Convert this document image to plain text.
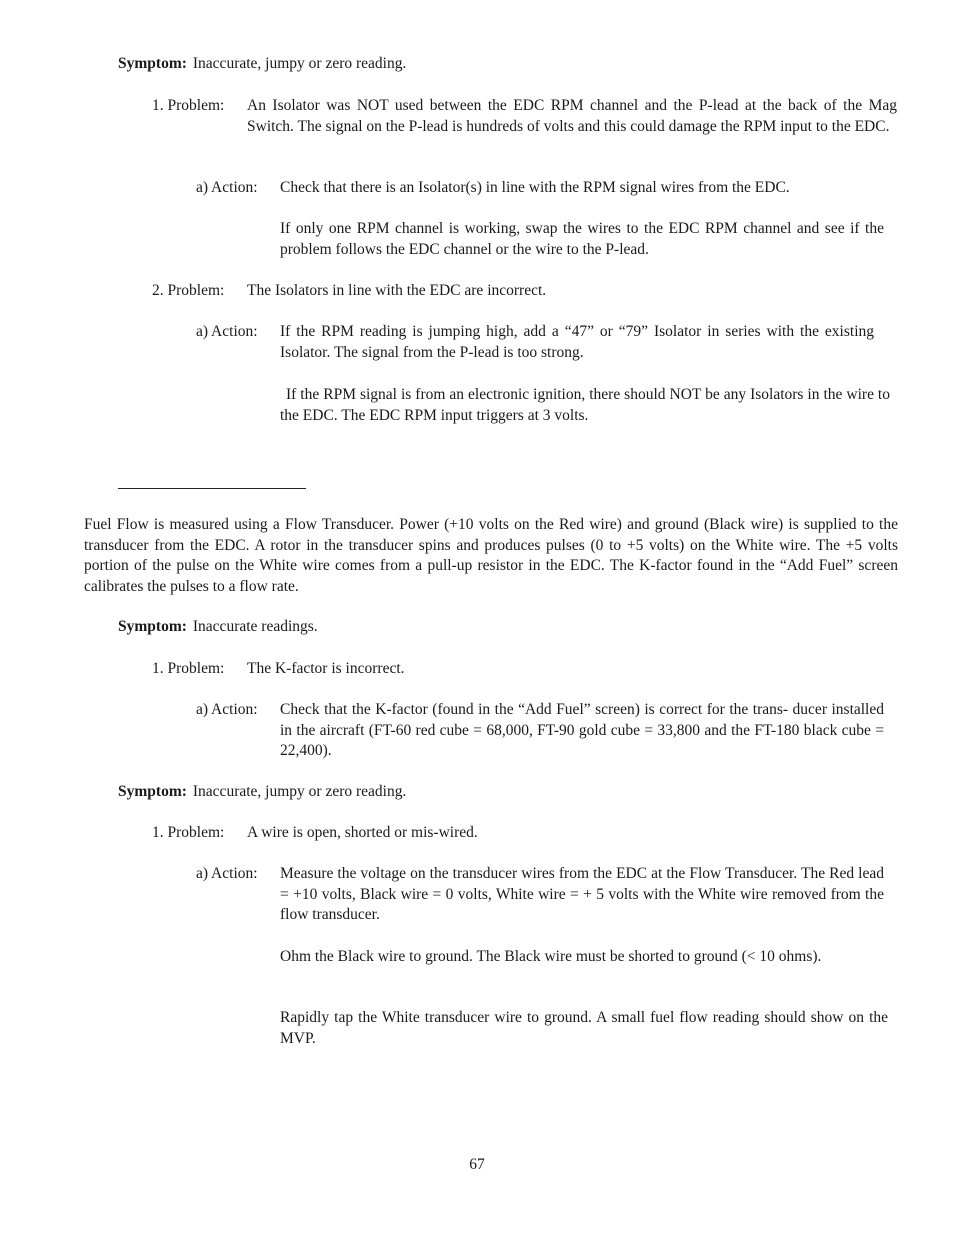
Symptom: Inaccurate, jumpy or zero reading.
1. Problem: An Isolator was NOT used between the EDC RPM channel and the P-lead at the back of the Mag Switch. The signal on the P-lead is hundreds of volts and this could damage the RPM input to the EDC.
a) Action: Check that there is an Isolator(s) in line with the RPM signal wires from the EDC.
If only one RPM channel is working, swap the wires to the EDC RPM channel and see if the problem follows the EDC channel or the wire to the P-lead.
2. Problem: The Isolators in line with the EDC are incorrect.
a) Action: If the RPM reading is jumping high, add a “47” or “79” Isolator in series with the existing Isolator. The signal from the P-lead is too strong.
If the RPM signal is from an electronic ignition, there should NOT be any Isolators in the wire to the EDC. The EDC RPM input triggers at 3 volts.
Fuel Flow is measured using a Flow Transducer. Power (+10 volts on the Red wire) and ground (Black wire) is supplied to the transducer from the EDC. A rotor in the transducer spins and produces pulses (0 to +5 volts) on the White wire. The +5 volts portion of the pulse on the White wire comes from a pull-up resistor in the EDC. The K-factor found in the “Add Fuel” screen calibrates the pulses to a flow rate.
Symptom: Inaccurate readings.
1. Problem: The K-factor is incorrect.
a) Action: Check that the K-factor (found in the “Add Fuel” screen) is correct for the trans- ducer installed in the aircraft (FT-60 red cube = 68,000, FT-90 gold cube = 33,800 and the FT-180 black cube = 22,400).
Symptom: Inaccurate, jumpy or zero reading.
1. Problem: A wire is open, shorted or mis-wired.
a) Action: Measure the voltage on the transducer wires from the EDC at the Flow Transducer. The Red lead = +10 volts, Black wire = 0 volts, White wire = + 5 volts with the White wire removed from the flow transducer.
Ohm the Black wire to ground. The Black wire must be shorted to ground (< 10 ohms).
Rapidly tap the White transducer wire to ground. A small fuel flow reading should show on the MVP.
67
